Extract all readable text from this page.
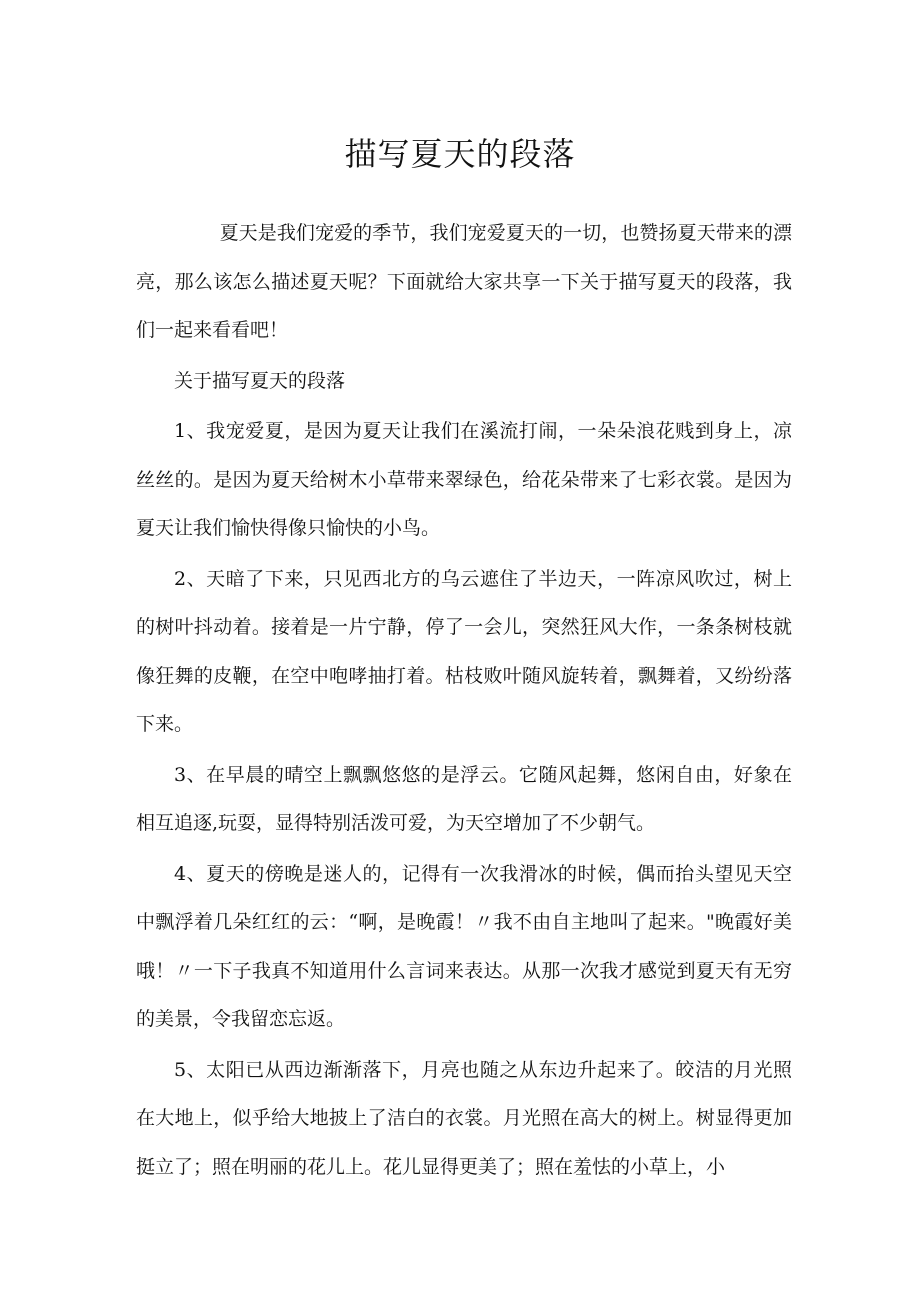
描写夏天的段落

夏天是我们宠爱的季节，我们宠爱夏天的一切，也赞扬夏天带来的漂亮，那么该怎么描述夏天呢？下面就给大家共享一下关于描写夏天的段落，我们一起来看看吧！

关于描写夏天的段落

1、我宠爱夏，是因为夏天让我们在溪流打闹，一朵朵浪花贱到身上，凉丝丝的。是因为夏天给树木小草带来翠绿色，给花朵带来了七彩衣裳。是因为夏天让我们愉快得像只愉快的小鸟。

2、天暗了下来，只见西北方的乌云遮住了半边天，一阵凉风吹过，树上的树叶抖动着。接着是一片宁静，停了一会儿，突然狂风大作，一条条树枝就像狂舞的皮鞭，在空中咆哮抽打着。枯枝败叶随风旋转着，飘舞着，又纷纷落下来。

3、在早晨的晴空上飘飘悠悠的是浮云。它随风起舞，悠闲自由，好象在相互追逐,玩耍，显得特别活泼可爱，为天空增加了不少朝气。

4、夏天的傍晚是迷人的，记得有一次我滑冰的时候，偶而抬头望见天空中飘浮着几朵红红的云：“啊，是晚霞！〃我不由自主地叫了起来。"晚霞好美哦！〃一下子我真不知道用什么言词来表达。从那一次我才感觉到夏天有无穷的美景，令我留恋忘返。

5、太阳已从西边渐渐落下，月亮也随之从东边升起来了。皎洁的月光照在大地上，似乎给大地披上了洁白的衣裳。月光照在高大的树上。树显得更加挺立了；照在明丽的花儿上。花儿显得更美了；照在羞怯的小草上，小
